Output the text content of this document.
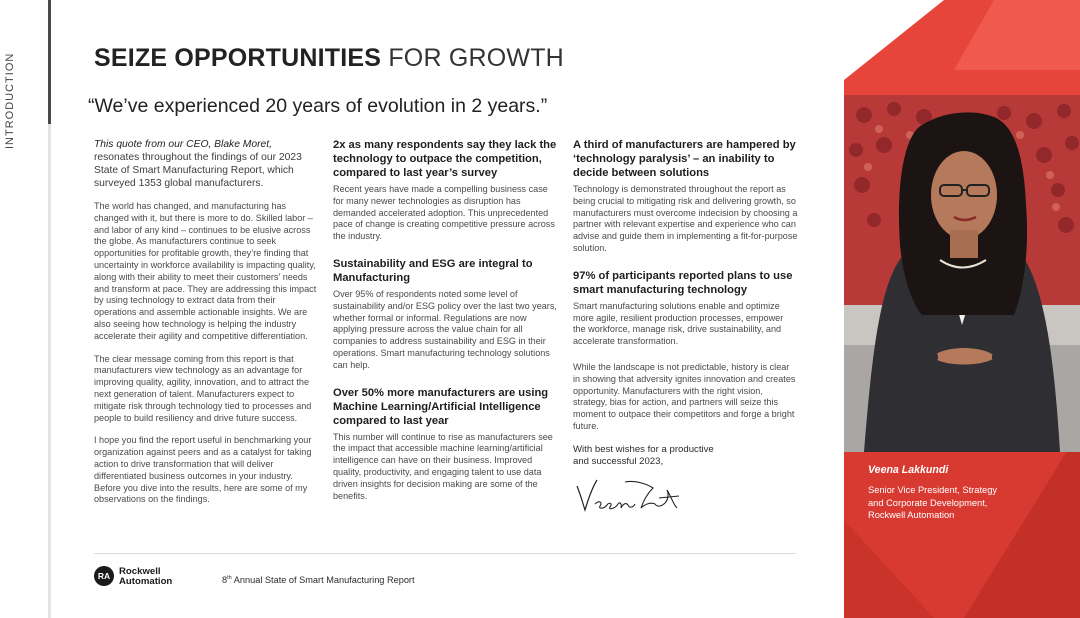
INTRODUCTION	SEIZE OPPORTUNITIES FOR GROWTH
“We’ve experienced 20 years of evolution in 2 years.”

This quote from our CEO, Blake Moret, resonates throughout the findings of our 2023 State of Smart Manufacturing Report, which surveyed 1353 global manufacturers.

The world has changed, and manufacturing has changed with it, but there is more to do. Skilled labor – and labor of any kind – continues to be elusive across the globe. As manufacturers continue to seek opportunities for profitable growth, they’re finding that uncertainty in workforce availability is impacting quality, along with their ability to meet their customers’ needs and transform at pace. They are addressing this impact by using technology to extract data from their operations and assemble actionable insights. We are also seeing how technology is helping the industry accelerate their agility and competitive differentiation.

The clear message coming from this report is that manufacturers view technology as an advantage for improving quality, agility, innovation, and to attract the next generation of talent. Manufacturers expect to mitigate risk through technology tied to processes and people to build resiliency and drive future success.

I hope you find the report useful in benchmarking your organization against peers and as a catalyst for taking action to drive transformation that will deliver differentiated business outcomes in your industry. Before you dive into the results, here are some of my observations on the findings.

2x as many respondents say they lack the technology to outpace the competition, compared to last year’s survey

Recent years have made a compelling business case for many newer technologies as disruption has demanded accelerated adoption. This unprecedented pace of change is creating competitive pressure across the industry.

Sustainability and ESG are integral to Manufacturing

Over 95% of respondents noted some level of sustainability and/or ESG policy over the last two years, whether formal or informal. Regulations are now applying pressure across the value chain for all companies to address sustainability and ESG in their operations. Smart manufacturing technology solutions can help.

Over 50% more manufacturers are using Machine Learning/Artificial Intelligence compared to last year

This number will continue to rise as manufacturers see the impact that accessible machine learning/artificial intelligence can have on their business. Improved quality, productivity, and engaging talent to use data driven insights for decision making are some of the benefits.

A third of manufacturers are hampered by ‘technology paralysis’ – an inability to decide between solutions

Technology is demonstrated throughout the report as being crucial to mitigating risk and delivering growth, so manufacturers must overcome indecision by choosing a partner with relevant expertise and experience who can advise and guide them in implementing a fit-for-purpose solution.

97% of participants reported plans to use smart manufacturing technology

Smart manufacturing solutions enable and optimize more agile, resilient production processes, empower the workforce, manage risk, drive sustainability, and accelerate transformation.

While the landscape is not predictable, history is clear in showing that adversity ignites innovation and creates opportunity. Manufacturers with the right vision, strategy, bias for action, and partners will seize this moment to outpace their competitors and forge a bright future.

With best wishes for a productive
and successful 2023,
RA Rockwell
Automation	8th Annual State of Smart Manufacturing Report
Veena Lakkundi
Senior Vice President, Strategy
and Corporate Development,
Rockwell Automation
